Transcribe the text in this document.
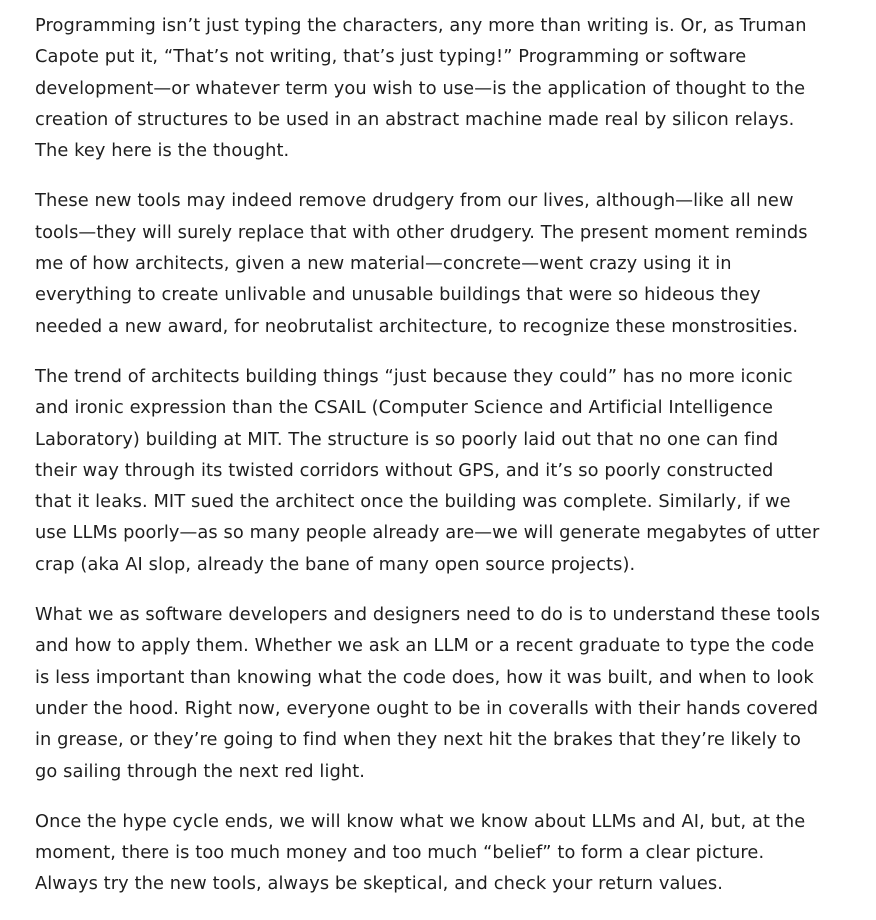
Programming isn’t just typing the characters, any more than writing is. Or, as Truman
Capote put it, “That’s not writing, that’s just typing!” Programming or software
development—or whatever term you wish to use—is the application of thought to the
creation of structures to be used in an abstract machine made real by silicon relays.
The key here is the thought.

These new tools may indeed remove drudgery from our lives, although—like all new
tools—they will surely replace that with other drudgery. The present moment reminds
me of how architects, given a new material—concrete—went crazy using it in
everything to create unlivable and unusable buildings that were so hideous they
needed a new award, for neobrutalist architecture, to recognize these monstrosities.

The trend of architects building things “just because they could” has no more iconic
and ironic expression than the CSAIL (Computer Science and Artificial Intelligence
Laboratory) building at MIT. The structure is so poorly laid out that no one can find
their way through its twisted corridors without GPS, and it’s so poorly constructed
that it leaks. MIT sued the architect once the building was complete. Similarly, if we
use LLMs poorly—as so many people already are—we will generate megabytes of utter
crap (aka AI slop, already the bane of many open source projects).

What we as software developers and designers need to do is to understand these tools
and how to apply them. Whether we ask an LLM or a recent graduate to type the code
is less important than knowing what the code does, how it was built, and when to look
under the hood. Right now, everyone ought to be in coveralls with their hands covered
in grease, or they’re going to find when they next hit the brakes that they’re likely to
go sailing through the next red light.

Once the hype cycle ends, we will know what we know about LLMs and AI, but, at the
moment, there is too much money and too much “belief” to form a clear picture.
Always try the new tools, always be skeptical, and check your return values.
